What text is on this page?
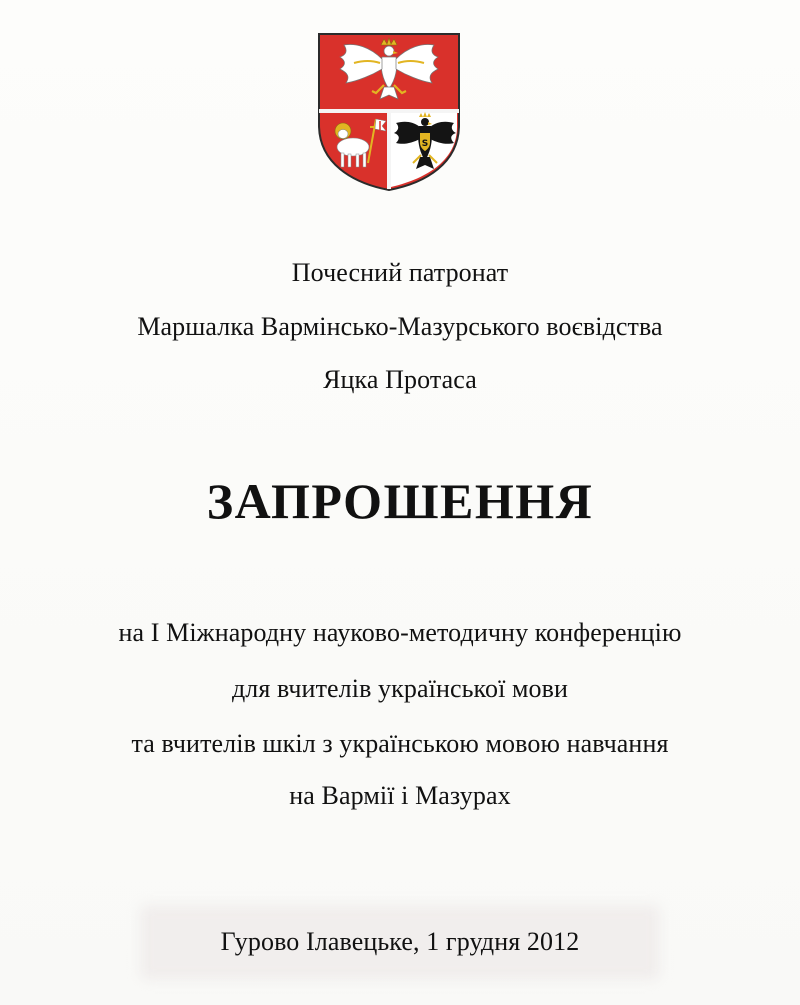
S
Почесний патронат
Маршалка Вармінсько-Мазурського воєвідства
Яцка Протаса
ЗАПРОШЕННЯ
на І Міжнародну науково-методичну конференцію
для вчителів української мови
та вчителів шкіл з українською мовою навчання
на Вармії і Мазурах
Гурово Ілавецьке, 1 грудня 2012
